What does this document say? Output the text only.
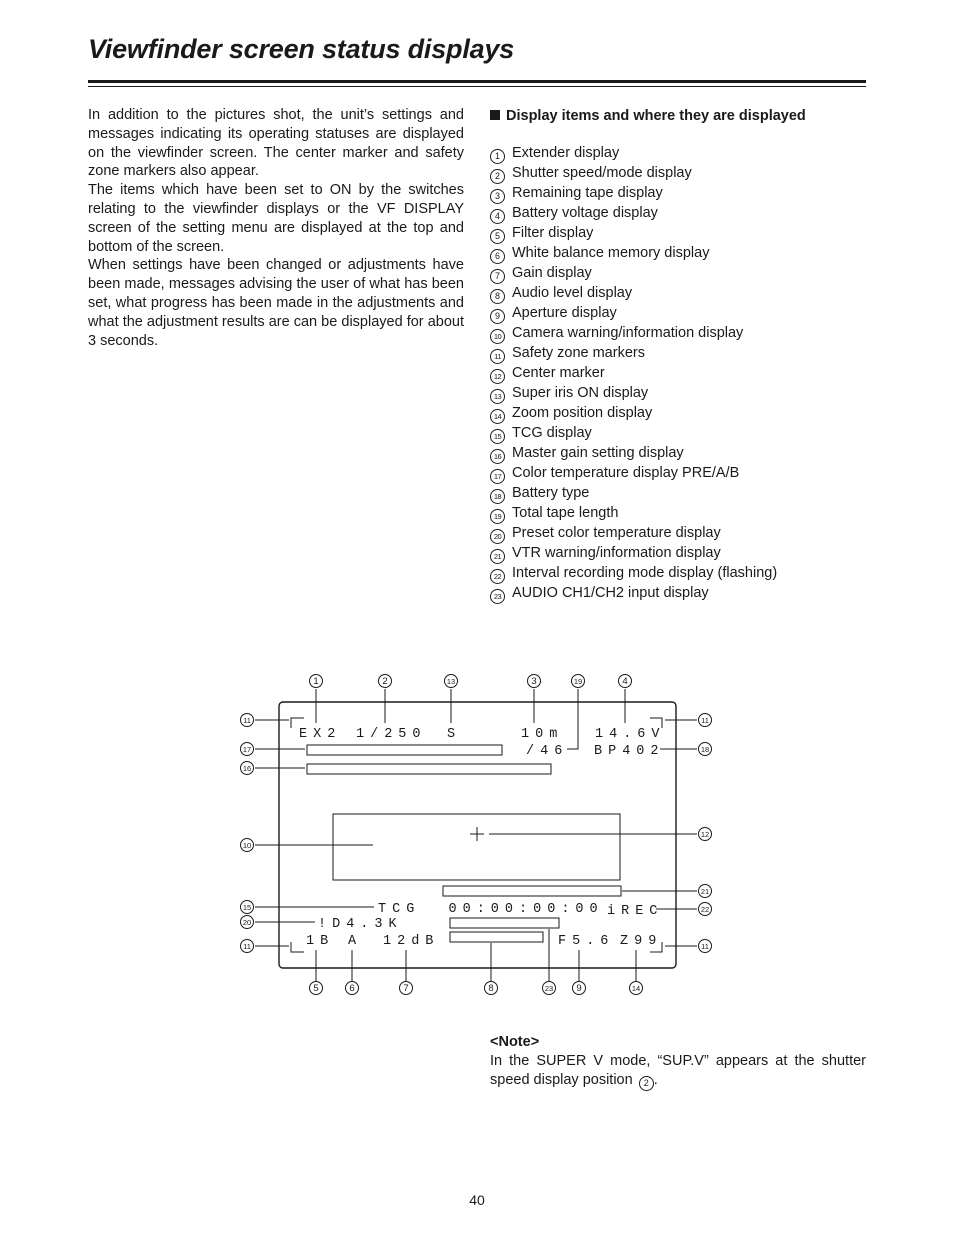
Viewfinder screen status displays

In addition to the pictures shot, the unit’s settings and messages indicating its operating statuses are displayed on the viewfinder screen. The center marker and safety zone markers also appear.

The items which have been set to ON by the switches relating to the viewfinder displays or the VF DISPLAY screen of the setting menu are displayed at the top and bottom of the screen.

When settings have been changed or adjustments have been made, messages advising the user of what has been set, what progress has been made in the adjustments and what the adjustment results are can be displayed for about 3 seconds.

Display items and where they are displayed
1 Extender display
2 Shutter speed/mode display
3 Remaining tape display
4 Battery voltage display
5 Filter display
6 White balance memory display
7 Gain display
8 Audio level display
9 Aperture display
10 Camera warning/information display
11 Safety zone markers
12 Center marker
13 Super iris ON display
14 Zoom position display
15 TCG display
16 Master gain setting display
17 Color temperature display PRE/A/B
18 Battery type
19 Total tape length
20 Preset color temperature display
21 VTR warning/information display
22 Interval recording mode display (flashing)
23 AUDIO CH1/CH2 input display
EX2 1/250 S	10m
/46
14.6V
BP402
TCG  00:00:00:00 iREC
!D4.3K
1B A 12dB	F5.6 Z99
1	2	13	3	19	4
11
17
16
10
15
20
11
11
18
12
21
22
11
5	6	7	8	23 9	14
<Note>

In the SUPER V mode, “SUP.V” appears at the shutter speed display position 2 .

40
